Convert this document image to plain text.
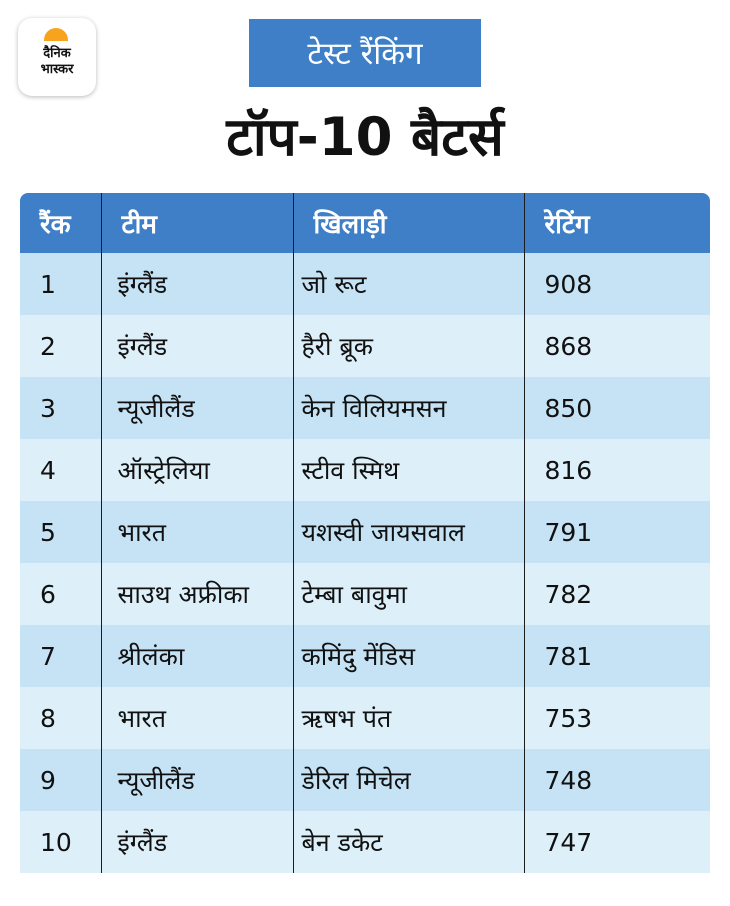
दैनिक
भास्कर	टेस्ट रैंकिंग
टॉप-10 बैटर्स
रैंक	टीम	खिलाड़ी	रेटिंग
1	इंग्लैंड	जो रूट	908
2	इंग्लैंड	हैरी ब्रूक	868
3	न्यूजीलैंड	केन विलियमसन	850
4	ऑस्ट्रेलिया	स्टीव स्मिथ	816
5	भारत	यशस्वी जायसवाल	791
6	साउथ अफ्रीका	टेम्बा बावुमा	782
7	श्रीलंका	कमिंदु मेंडिस	781
8	भारत	ऋषभ पंत	753
9	न्यूजीलैंड	डेरिल मिचेल	748
10	इंग्लैंड	बेन डकेट	747
